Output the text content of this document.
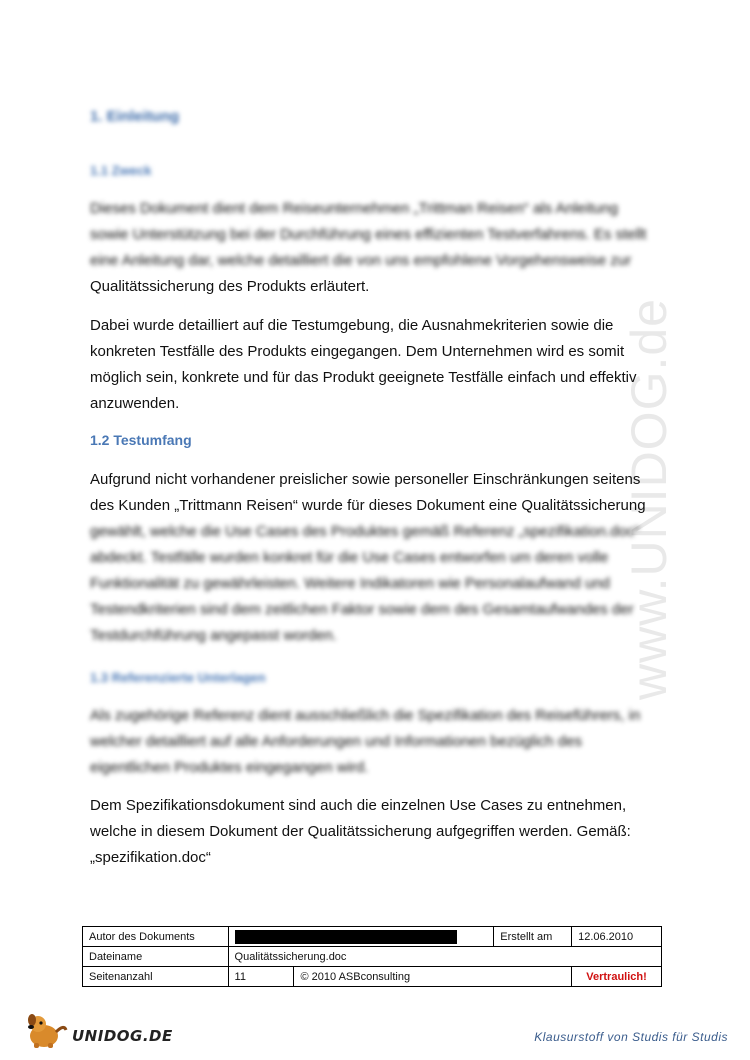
www.UNIDOG.de
1. Einleitung
1.1 Zweck
Dieses Dokument dient dem Reiseunternehmen „Trittman Reisen“ als Anleitung
sowie Unterstützung bei der Durchführung eines effizienten Testverfahrens. Es stellt
eine Anleitung dar, welche detailliert die von uns empfohlene Vorgehensweise zur
Qualitätssicherung des Produkts erläutert.
Dabei wurde detailliert auf die Testumgebung, die Ausnahmekriterien sowie die
konkreten Testfälle des Produkts eingegangen. Dem Unternehmen wird es somit
möglich sein, konkrete und für das Produkt geeignete Testfälle einfach und effektiv
anzuwenden.
1.2 Testumfang
Aufgrund nicht vorhandener preislicher sowie personeller Einschränkungen seitens
des Kunden „Trittmann Reisen“ wurde für dieses Dokument eine Qualitätssicherung
gewählt, welche die Use Cases des Produktes gemäß Referenz „spezifikation.doc“
abdeckt. Testfälle wurden konkret für die Use Cases entworfen um deren volle
Funktionalität zu gewährleisten. Weitere Indikatoren wie Personalaufwand und
Testendkriterien sind dem zeitlichen Faktor sowie dem des Gesamtaufwandes der
Testdurchführung angepasst worden.
1.3 Referenzierte Unterlagen
Als zugehörige Referenz dient ausschließlich die Spezifikation des Reiseführers, in
welcher detailliert auf alle Anforderungen und Informationen bezüglich des
eigentlichen Produktes eingegangen wird.
Dem Spezifikationsdokument sind auch die einzelnen Use Cases zu entnehmen,
welche in diesem Dokument der Qualitätssicherung aufgegriffen werden. Gemäß:
„spezifikation.doc“
Autor des Dokuments			Erstellt am	12.06.2010
Dateiname	Qualitätssicherung.doc			
Seitenanzahl	11	© 2010 ASBconsulting		Vertraulich!
UNIDOG.DE	Klausurstoff von Studis für Studis
